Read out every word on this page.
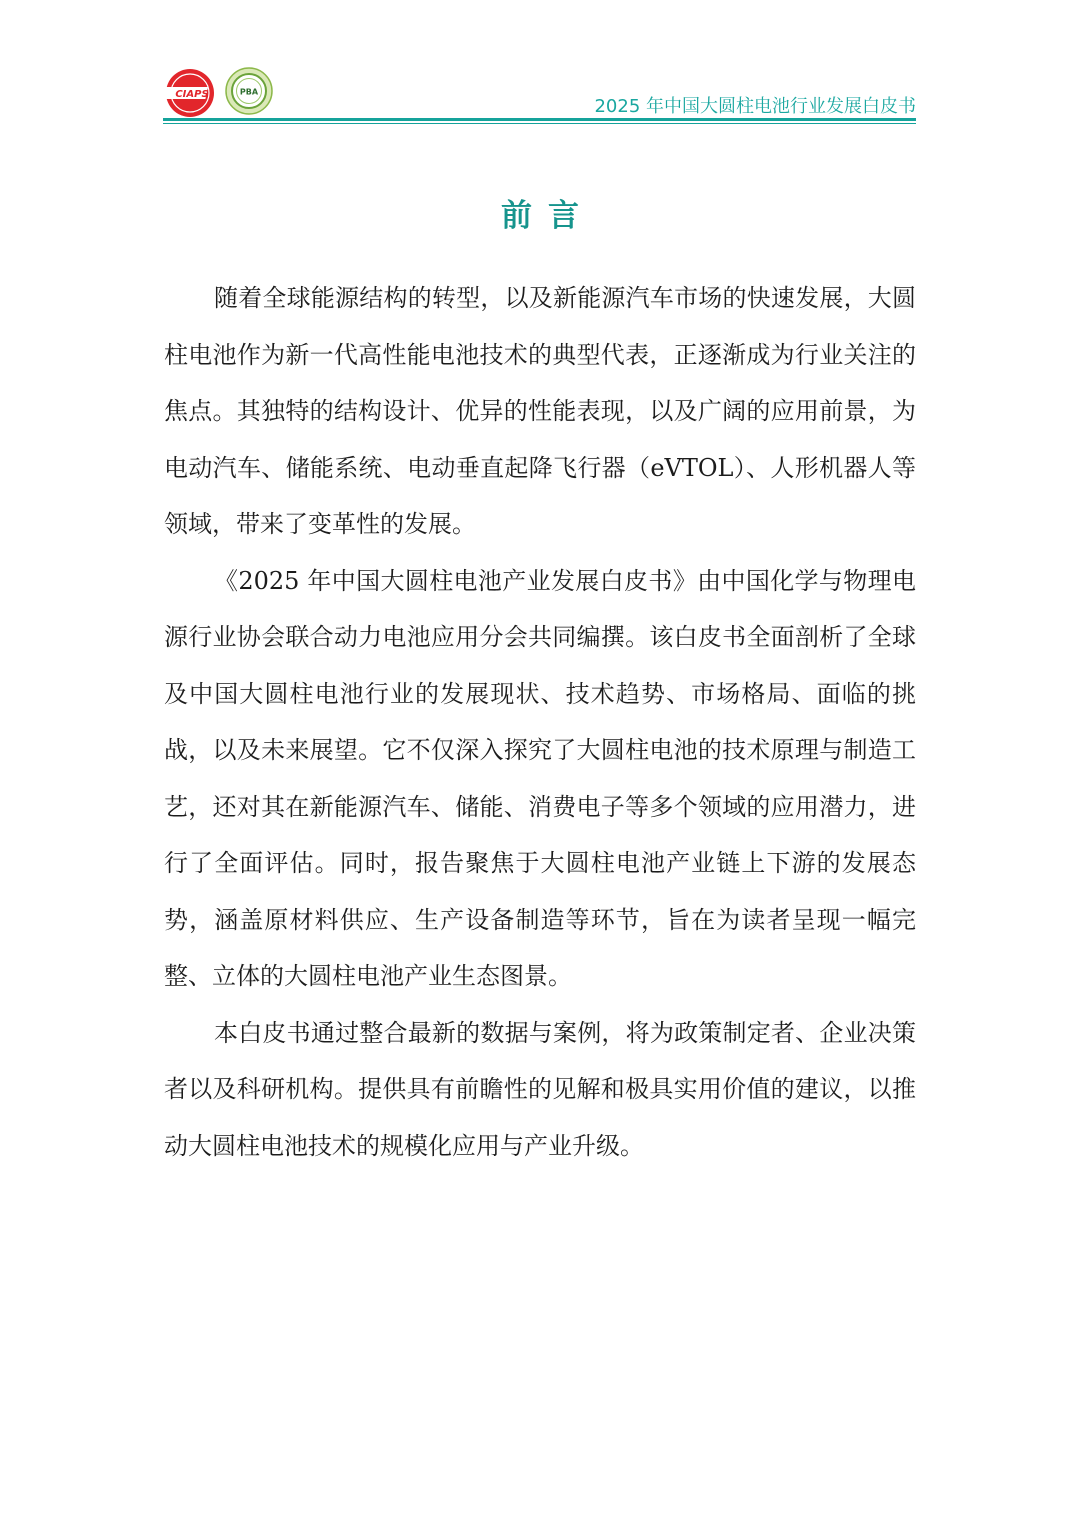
CIAPS	PBA
2025 年中国大圆柱电池行业发展白皮书
前言

随着全球能源结构的转型，以及新能源汽车市场的快速发展，大圆柱电池作为新一代高性能电池技术的典型代表，正逐渐成为行业关注的焦点。其独特的结构设计、优异的性能表现，以及广阔的应用前景，为电动汽车、储能系统、电动垂直起降飞行器（eVTOL）、人形机器人等领域，带来了变革性的发展。

《2025 年中国大圆柱电池产业发展白皮书》由中国化学与物理电源行业协会联合动力电池应用分会共同编撰。该白皮书全面剖析了全球及中国大圆柱电池行业的发展现状、技术趋势、市场格局、面临的挑战，以及未来展望。它不仅深入探究了大圆柱电池的技术原理与制造工艺，还对其在新能源汽车、储能、消费电子等多个领域的应用潜力，进行了全面评估。同时，报告聚焦于大圆柱电池产业链上下游的发展态势，涵盖原材料供应、生产设备制造等环节，旨在为读者呈现一幅完整、立体的大圆柱电池产业生态图景。

本白皮书通过整合最新的数据与案例，将为政策制定者、企业决策者以及科研机构。提供具有前瞻性的见解和极具实用价值的建议，以推动大圆柱电池技术的规模化应用与产业升级。
